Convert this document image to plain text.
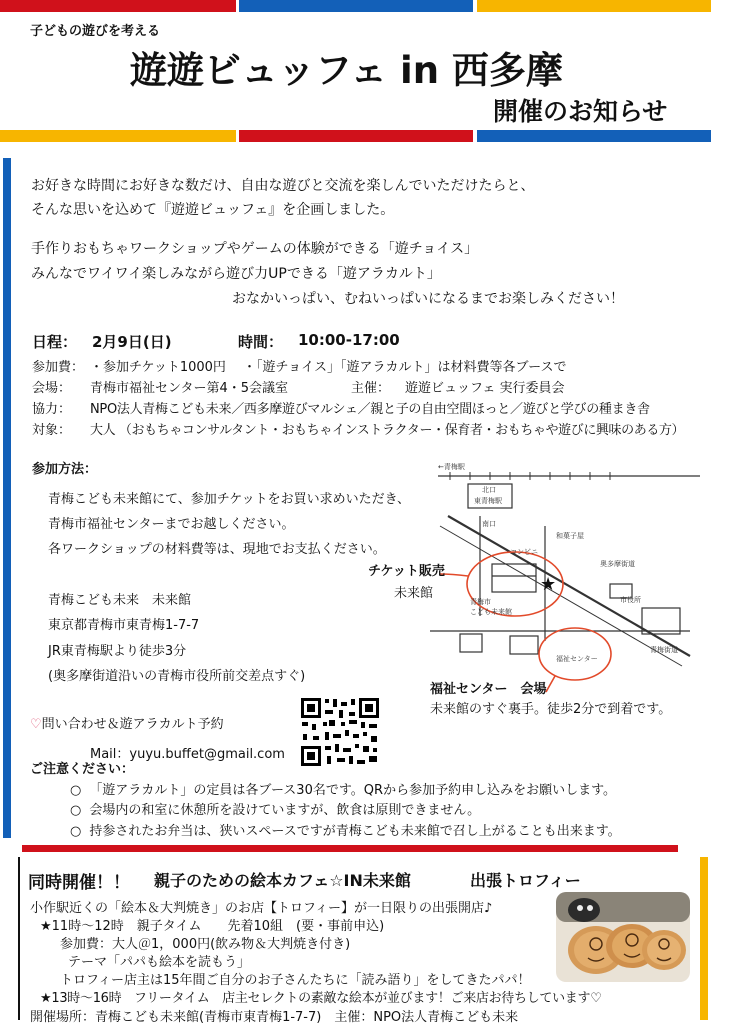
子どもの遊びを考える
遊遊ビュッフェ in 西多摩
開催のお知らせ
お好きな時間にお好きな数だけ、自由な遊びと交流を楽しんでいただけたらと、
そんな思いを込めて『遊遊ビュッフェ』を企画しました。
手作りおもちゃワークショップやゲームの体験ができる「遊チョイス」
みんなでワイワイ楽しみながら遊び力UPできる「遊アラカルト」
おなかいっぱい、むねいっぱいになるまでお楽しみください！
日程： 2月9日(日)	時間： 10:00-17:00
参加費： ・参加チケット1000円　 ・「遊チョイス」「遊アラカルト」は材料費等各ブースで
会場： 青梅市福祉センター第4・5会議室	主催： 遊遊ビュッフェ 実行委員会
協力： NPO法人青梅こども未来／西多摩遊びマルシェ／親と子の自由空間ほっと／遊びと学びの種まき舎
対象： 大人 （おもちゃコンサルタント・おもちゃインストラクター・保育者・おもちゃや遊びに興味のある方）
参加方法：
青梅こども未来館にて、参加チケットをお買い求めいただき、
青梅市福祉センターまでお越しください。
各ワークショップの材料費等は、現地でお支払ください。
青梅こども未来　未来館
東京都青梅市東青梅1-7-7
JR東青梅駅より徒歩3分
(奥多摩街道沿いの青梅市役所前交差点すぐ)
★
←青梅駅
北口
東青梅駅
南口
コンビニ
和菓子屋
青梅市
こども未来館
市役所
福祉センター
青梅街道
奥多摩街道
チケット販売
未来館
福祉センター　会場
未来館のすぐ裏手。徒歩2分で到着です。
♡問い合わせ＆遊アラカルト予約
Mail：yuyu.buffet@gmail.com
ご注意ください：
○ 「遊アラカルト」の定員は各ブース30名です。QRから参加予約申し込みをお願いします。
○ 会場内の和室に休憩所を設けていますが、飲食は原則できません。
○ 持参されたお弁当は、狭いスペースですが青梅こども未来館で召し上がることも出来ます。
同時開催！！ 親子のための絵本カフェ☆IN未来館	出張トロフィー
小作駅近くの「絵本＆大判焼き」のお店【トロフィー】が一日限りの出張開店♪
★11時～12時　親子タイム　　先着10組　(要・事前申込)
参加費：大人＠1，000円(飲み物＆大判焼き付き)
テーマ「パパも絵本を読もう」
トロフィー店主は15年間ご自分のお子さんたちに「読み語り」をしてきたパパ！
★13時～16時　フリータイム　店主セレクトの素敵な絵本が並びます！ご来店お待ちしています♡
開催場所：青梅こども未来館(青梅市東青梅1-7-7)　主催：NPO法人青梅こども未来
